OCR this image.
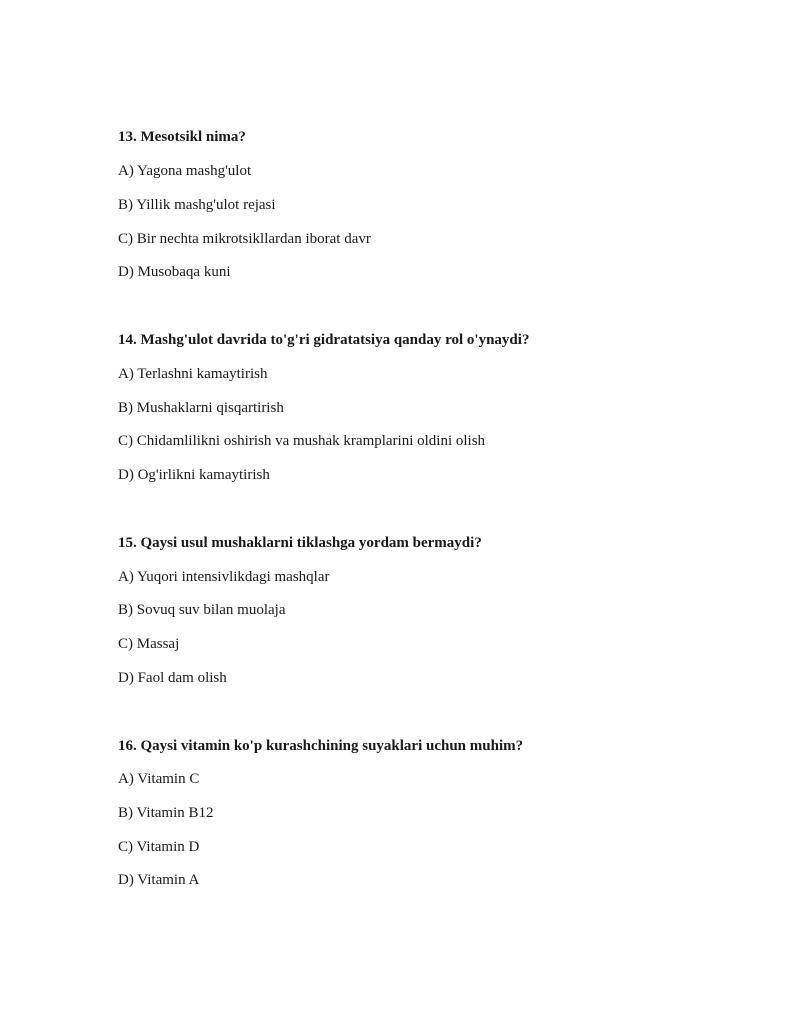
13. Mesotsikl nima?

A) Yagona mashg'ulot

B) Yillik mashg'ulot rejasi

C) Bir nechta mikrotsikllardan iborat davr

D) Musobaqa kuni

14. Mashg'ulot davrida to'g'ri gidratatsiya qanday rol o'ynaydi?

A) Terlashni kamaytirish

B) Mushaklarni qisqartirish

C) Chidamlilikni oshirish va mushak kramplarini oldini olish

D) Og'irlikni kamaytirish

15. Qaysi usul mushaklarni tiklashga yordam bermaydi?

A) Yuqori intensivlikdagi mashqlar

B) Sovuq suv bilan muolaja

C) Massaj

D) Faol dam olish

16. Qaysi vitamin ko'p kurashchining suyaklari uchun muhim?

A) Vitamin C

B) Vitamin B12

C) Vitamin D

D) Vitamin A
